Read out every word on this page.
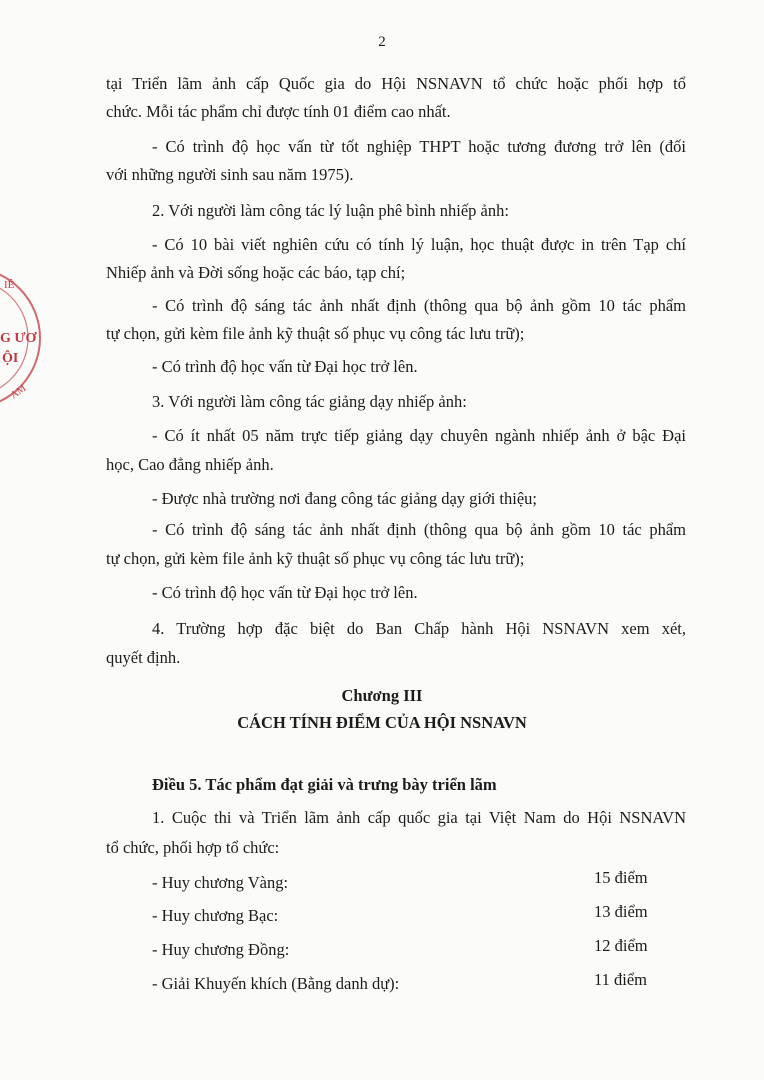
IÊ
G ƯƠ
ỘI
AM
2
tại Triển lãm ảnh cấp Quốc gia do Hội NSNAVN tổ chức hoặc phối hợp tổ
chức. Mỗi tác phẩm chỉ được tính 01 điểm cao nhất.
- Có trình độ học vấn từ tốt nghiệp THPT hoặc tương đương trở lên (đối
với những người sinh sau năm 1975).
2. Với người làm công tác lý luận phê bình nhiếp ảnh:
- Có 10 bài viết nghiên cứu có tính lý luận, học thuật được in trên Tạp chí
Nhiếp ảnh và Đời sống hoặc các báo, tạp chí;
- Có trình độ sáng tác ảnh nhất định (thông qua bộ ảnh gồm 10 tác phẩm
tự chọn, gửi kèm file ảnh kỹ thuật số phục vụ công tác lưu trữ);
- Có trình độ học vấn từ Đại học trở lên.
3. Với người làm công tác giảng dạy nhiếp ảnh:
- Có ít nhất 05 năm trực tiếp giảng dạy chuyên ngành nhiếp ảnh ở bậc Đại
học, Cao đẳng nhiếp ảnh.
- Được nhà trường nơi đang công tác giảng dạy giới thiệu;
- Có trình độ sáng tác ảnh nhất định (thông qua bộ ảnh gồm 10 tác phẩm
tự chọn, gửi kèm file ảnh kỹ thuật số phục vụ công tác lưu trữ);
- Có trình độ học vấn từ Đại học trở lên.
4. Trường hợp đặc biệt do Ban Chấp hành Hội NSNAVN xem xét,
quyết định.
Chương III
CÁCH TÍNH ĐIỂM CỦA HỘI NSNAVN
Điều 5. Tác phẩm đạt giải và trưng bày triển lãm
1. Cuộc thi và Triển lãm ảnh cấp quốc gia tại Việt Nam do Hội NSNAVN
tổ chức, phối hợp tổ chức:
- Huy chương Vàng:	15 điểm
- Huy chương Bạc:	13 điểm
- Huy chương Đồng:	12 điểm
- Giải Khuyến khích (Bằng danh dự):	11 điểm
